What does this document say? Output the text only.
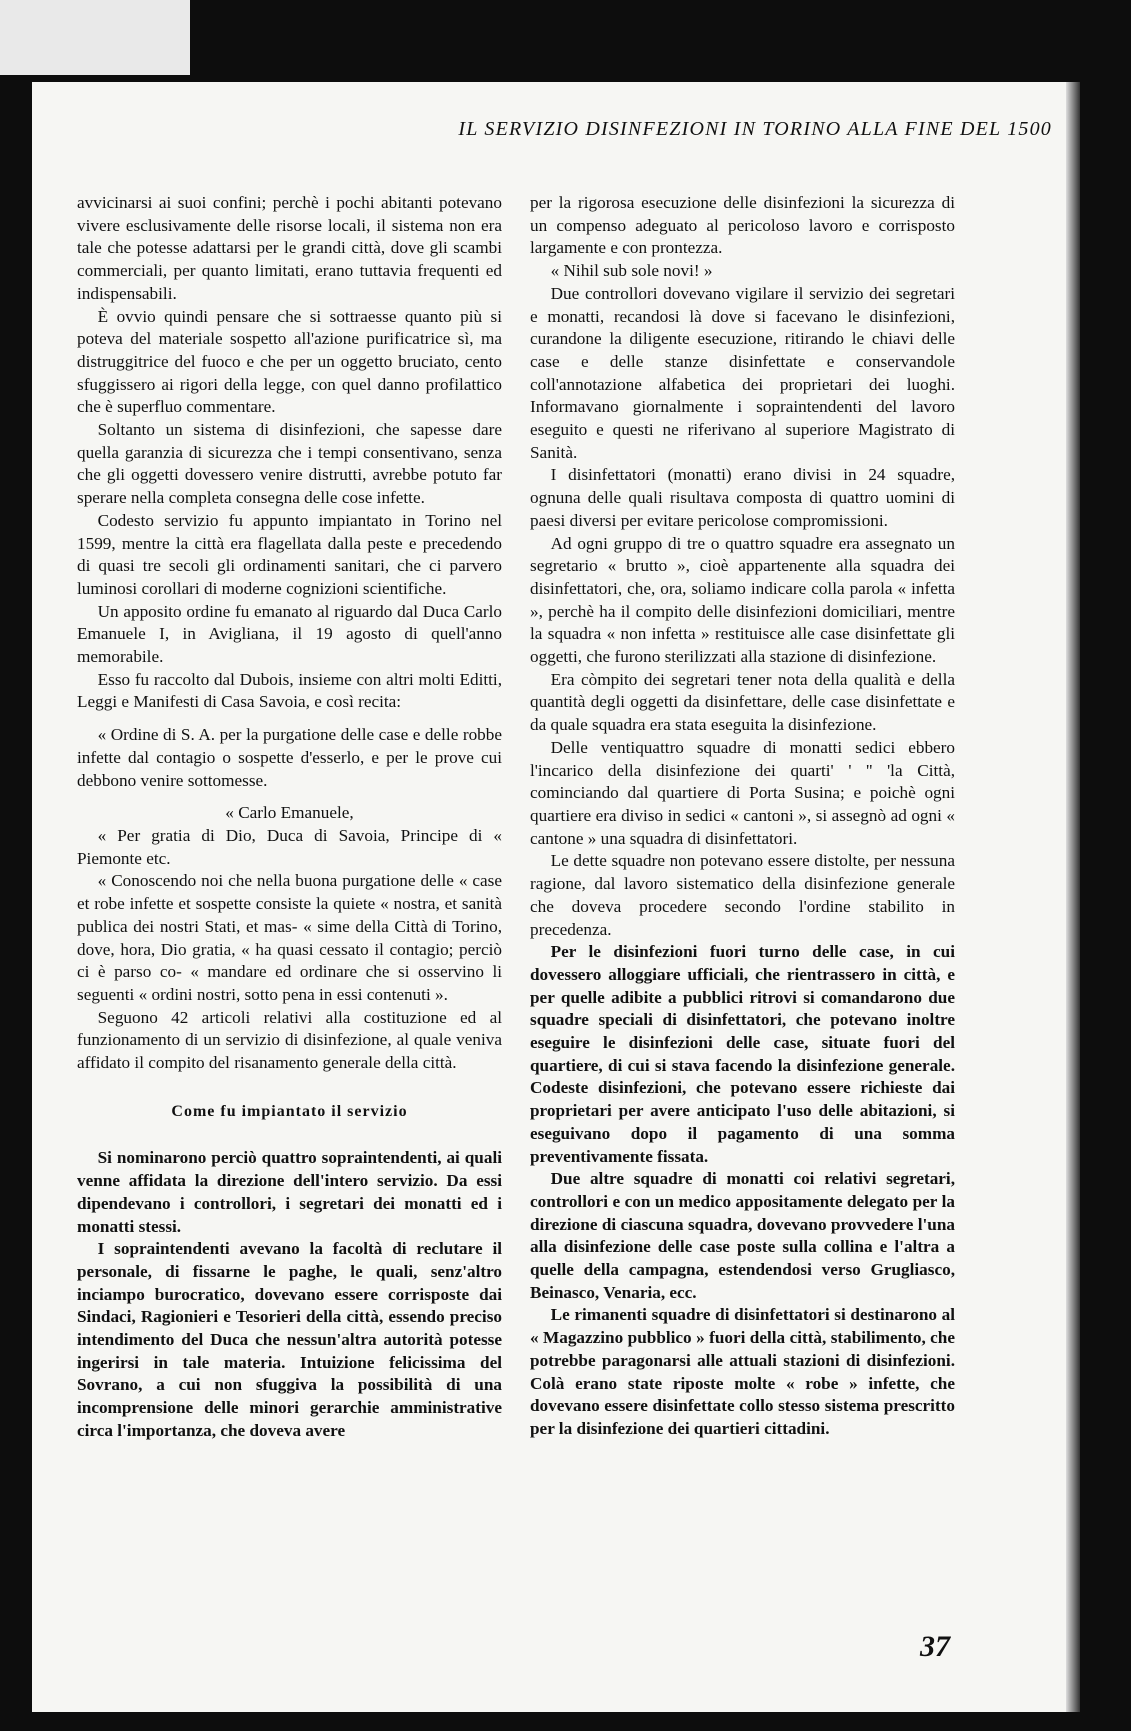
IL SERVIZIO DISINFEZIONI IN TORINO ALLA FINE DEL 1500

avvicinarsi ai suoi confini; perchè i pochi abitanti potevano vivere esclusivamente delle risorse locali, il sistema non era tale che potesse adattarsi per le grandi città, dove gli scambi commerciali, per quanto limitati, erano tuttavia frequenti ed indispensabili.

È ovvio quindi pensare che si sottraesse quanto più si poteva del materiale sospetto all'azione purificatrice sì, ma distruggitrice del fuoco e che per un oggetto bruciato, cento sfuggissero ai rigori della legge, con quel danno profilattico che è superfluo commentare.

Soltanto un sistema di disinfezioni, che sapesse dare quella garanzia di sicurezza che i tempi consentivano, senza che gli oggetti dovessero venire distrutti, avrebbe potuto far sperare nella completa consegna delle cose infette.

Codesto servizio fu appunto impiantato in Torino nel 1599, mentre la città era flagellata dalla peste e precedendo di quasi tre secoli gli ordinamenti sanitari, che ci parvero luminosi corollari di moderne cognizioni scientifiche.

Un apposito ordine fu emanato al riguardo dal Duca Carlo Emanuele I, in Avigliana, il 19 agosto di quell'anno memorabile.

Esso fu raccolto dal Dubois, insieme con altri molti Editti, Leggi e Manifesti di Casa Savoia, e così recita:

« Ordine di S. A. per la purgatione delle case e delle robbe infette dal contagio o sospette d'esserlo, e per le prove cui debbono venire sottomesse.

« Carlo Emanuele,

« Per gratia di Dio, Duca di Savoia, Principe di « Piemonte etc.

« Conoscendo noi che nella buona purgatione delle « case et robe infette et sospette consiste la quiete « nostra, et sanità publica dei nostri Stati, et mas- « sime della Città di Torino, dove, hora, Dio gratia, « ha quasi cessato il contagio; perciò ci è parso co- « mandare ed ordinare che si osservino li seguenti « ordini nostri, sotto pena in essi contenuti ».

Seguono 42 articoli relativi alla costituzione ed al funzionamento di un servizio di disinfezione, al quale veniva affidato il compito del risanamento generale della città.

Come fu impiantato il servizio

Si nominarono perciò quattro sopraintendenti, ai quali venne affidata la direzione dell'intero servizio. Da essi dipendevano i controllori, i segretari dei monatti ed i monatti stessi.

I sopraintendenti avevano la facoltà di reclutare il personale, di fissarne le paghe, le quali, senz'altro inciampo burocratico, dovevano essere corrisposte dai Sindaci, Ragionieri e Tesorieri della città, essendo preciso intendimento del Duca che nessun'altra autorità potesse ingerirsi in tale materia. Intuizione felicissima del Sovrano, a cui non sfuggiva la possibilità di una incomprensione delle minori gerarchie amministrative circa l'importanza, che doveva avere

per la rigorosa esecuzione delle disinfezioni la sicurezza di un compenso adeguato al pericoloso lavoro e corrisposto largamente e con prontezza.

« Nihil sub sole novi! »

Due controllori dovevano vigilare il servizio dei segretari e monatti, recandosi là dove si facevano le disinfezioni, curandone la diligente esecuzione, ritirando le chiavi delle case e delle stanze disinfettate e conservandole coll'annotazione alfabetica dei proprietari dei luoghi. Informavano giornalmente i sopraintendenti del lavoro eseguito e questi ne riferivano al superiore Magistrato di Sanità.

I disinfettatori (monatti) erano divisi in 24 squadre, ognuna delle quali risultava composta di quattro uomini di paesi diversi per evitare pericolose compromissioni.

Ad ogni gruppo di tre o quattro squadre era assegnato un segretario « brutto », cioè appartenente alla squadra dei disinfettatori, che, ora, soliamo indicare colla parola « infetta », perchè ha il compito delle disinfezioni domiciliari, mentre la squadra « non infetta » restituisce alle case disinfettate gli oggetti, che furono sterilizzati alla stazione di disinfezione.

Era còmpito dei segretari tener nota della qualità e della quantità degli oggetti da disinfettare, delle case disinfettate e da quale squadra era stata eseguita la disinfezione.

Delle ventiquattro squadre di monatti sedici ebbero l'incarico della disinfezione dei quarti' ' '' 'la Città, cominciando dal quartiere di Porta Susina; e poichè ogni quartiere era diviso in sedici « cantoni », si assegnò ad ogni « cantone » una squadra di disinfettatori.

Le dette squadre non potevano essere distolte, per nessuna ragione, dal lavoro sistematico della disinfezione generale che doveva procedere secondo l'ordine stabilito in precedenza.

Per le disinfezioni fuori turno delle case, in cui dovessero alloggiare ufficiali, che rientrassero in città, e per quelle adibite a pubblici ritrovi si comandarono due squadre speciali di disinfettatori, che potevano inoltre eseguire le disinfezioni delle case, situate fuori del quartiere, di cui si stava facendo la disinfezione generale. Codeste disinfezioni, che potevano essere richieste dai proprietari per avere anticipato l'uso delle abitazioni, si eseguivano dopo il pagamento di una somma preventivamente fissata.

Due altre squadre di monatti coi relativi segretari, controllori e con un medico appositamente delegato per la direzione di ciascuna squadra, dovevano provvedere l'una alla disinfezione delle case poste sulla collina e l'altra a quelle della campagna, estendendosi verso Grugliasco, Beinasco, Venaria, ecc.

Le rimanenti squadre di disinfettatori si destinarono al « Magazzino pubblico » fuori della città, stabilimento, che potrebbe paragonarsi alle attuali stazioni di disinfezioni. Colà erano state riposte molte « robe » infette, che dovevano essere disinfettate collo stesso sistema prescritto per la disinfezione dei quartieri cittadini.

37
